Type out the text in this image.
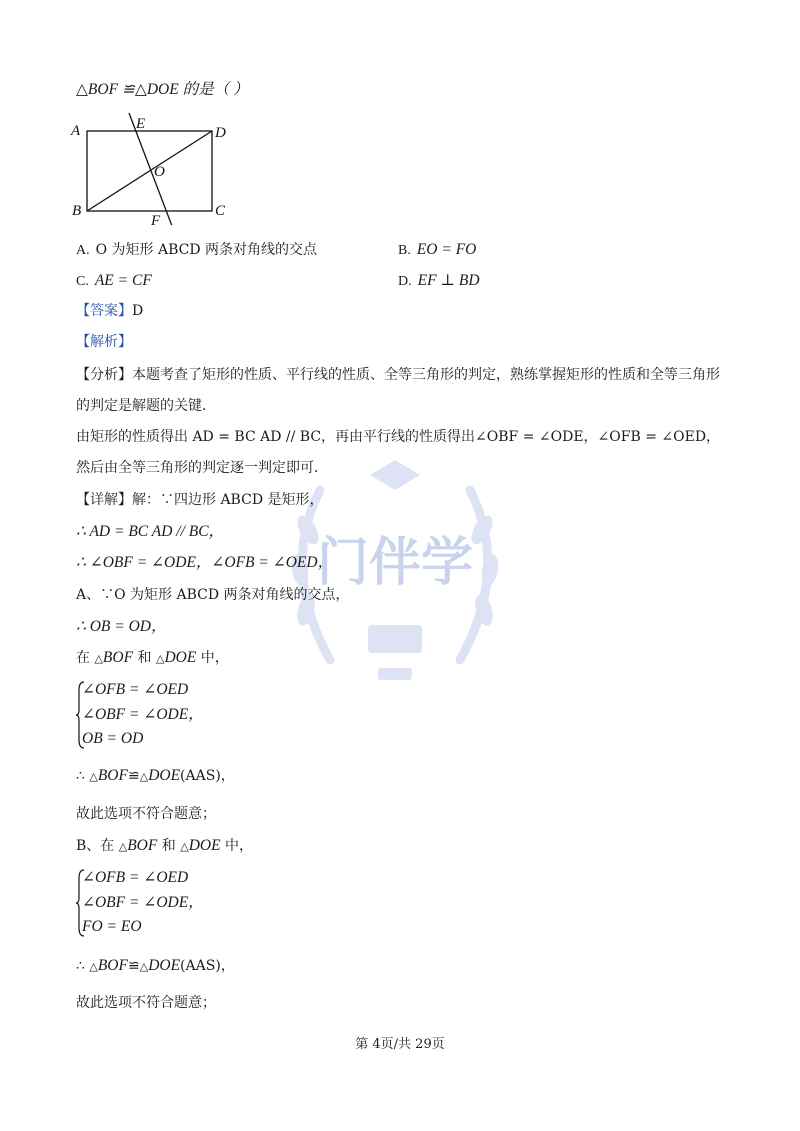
门伴学
△BOF ≌△DOE 的是（ ）
A	E
D
O
B
F
C
A. O 为矩形 ABCD 两条对角线的交点	B. EO = FO
C. AE = CF	D. EF ⊥ BD
【答案】D
【解析】
【分析】本题考查了矩形的性质、平行线的性质、全等三角形的判定，熟练掌握矩形的性质和全等三角形
的判定是解题的关键．
由矩形的性质得出 AD = BC AD // BC，再由平行线的性质得出∠OBF = ∠ODE，∠OFB = ∠OED，
然后由全等三角形的判定逐一判定即可．
【详解】解：∵四边形 ABCD 是矩形，
∴ AD = BC AD // BC，
∴ ∠OBF = ∠ODE，∠OFB = ∠OED，
A、∵O 为矩形 ABCD 两条对角线的交点，
∴ OB = OD，
在 △BOF 和 △DOE 中，
∠OFB = ∠OED
∠OBF = ∠ODE，
OB = OD
∴ △BOF≌△DOE(AAS)，
故此选项不符合题意；
B、在 △BOF 和 △DOE 中，
∠OFB = ∠OED
∠OBF = ∠ODE，
FO = EO
∴ △BOF≌△DOE(AAS)，
故此选项不符合题意；
第 4页/共 29页
